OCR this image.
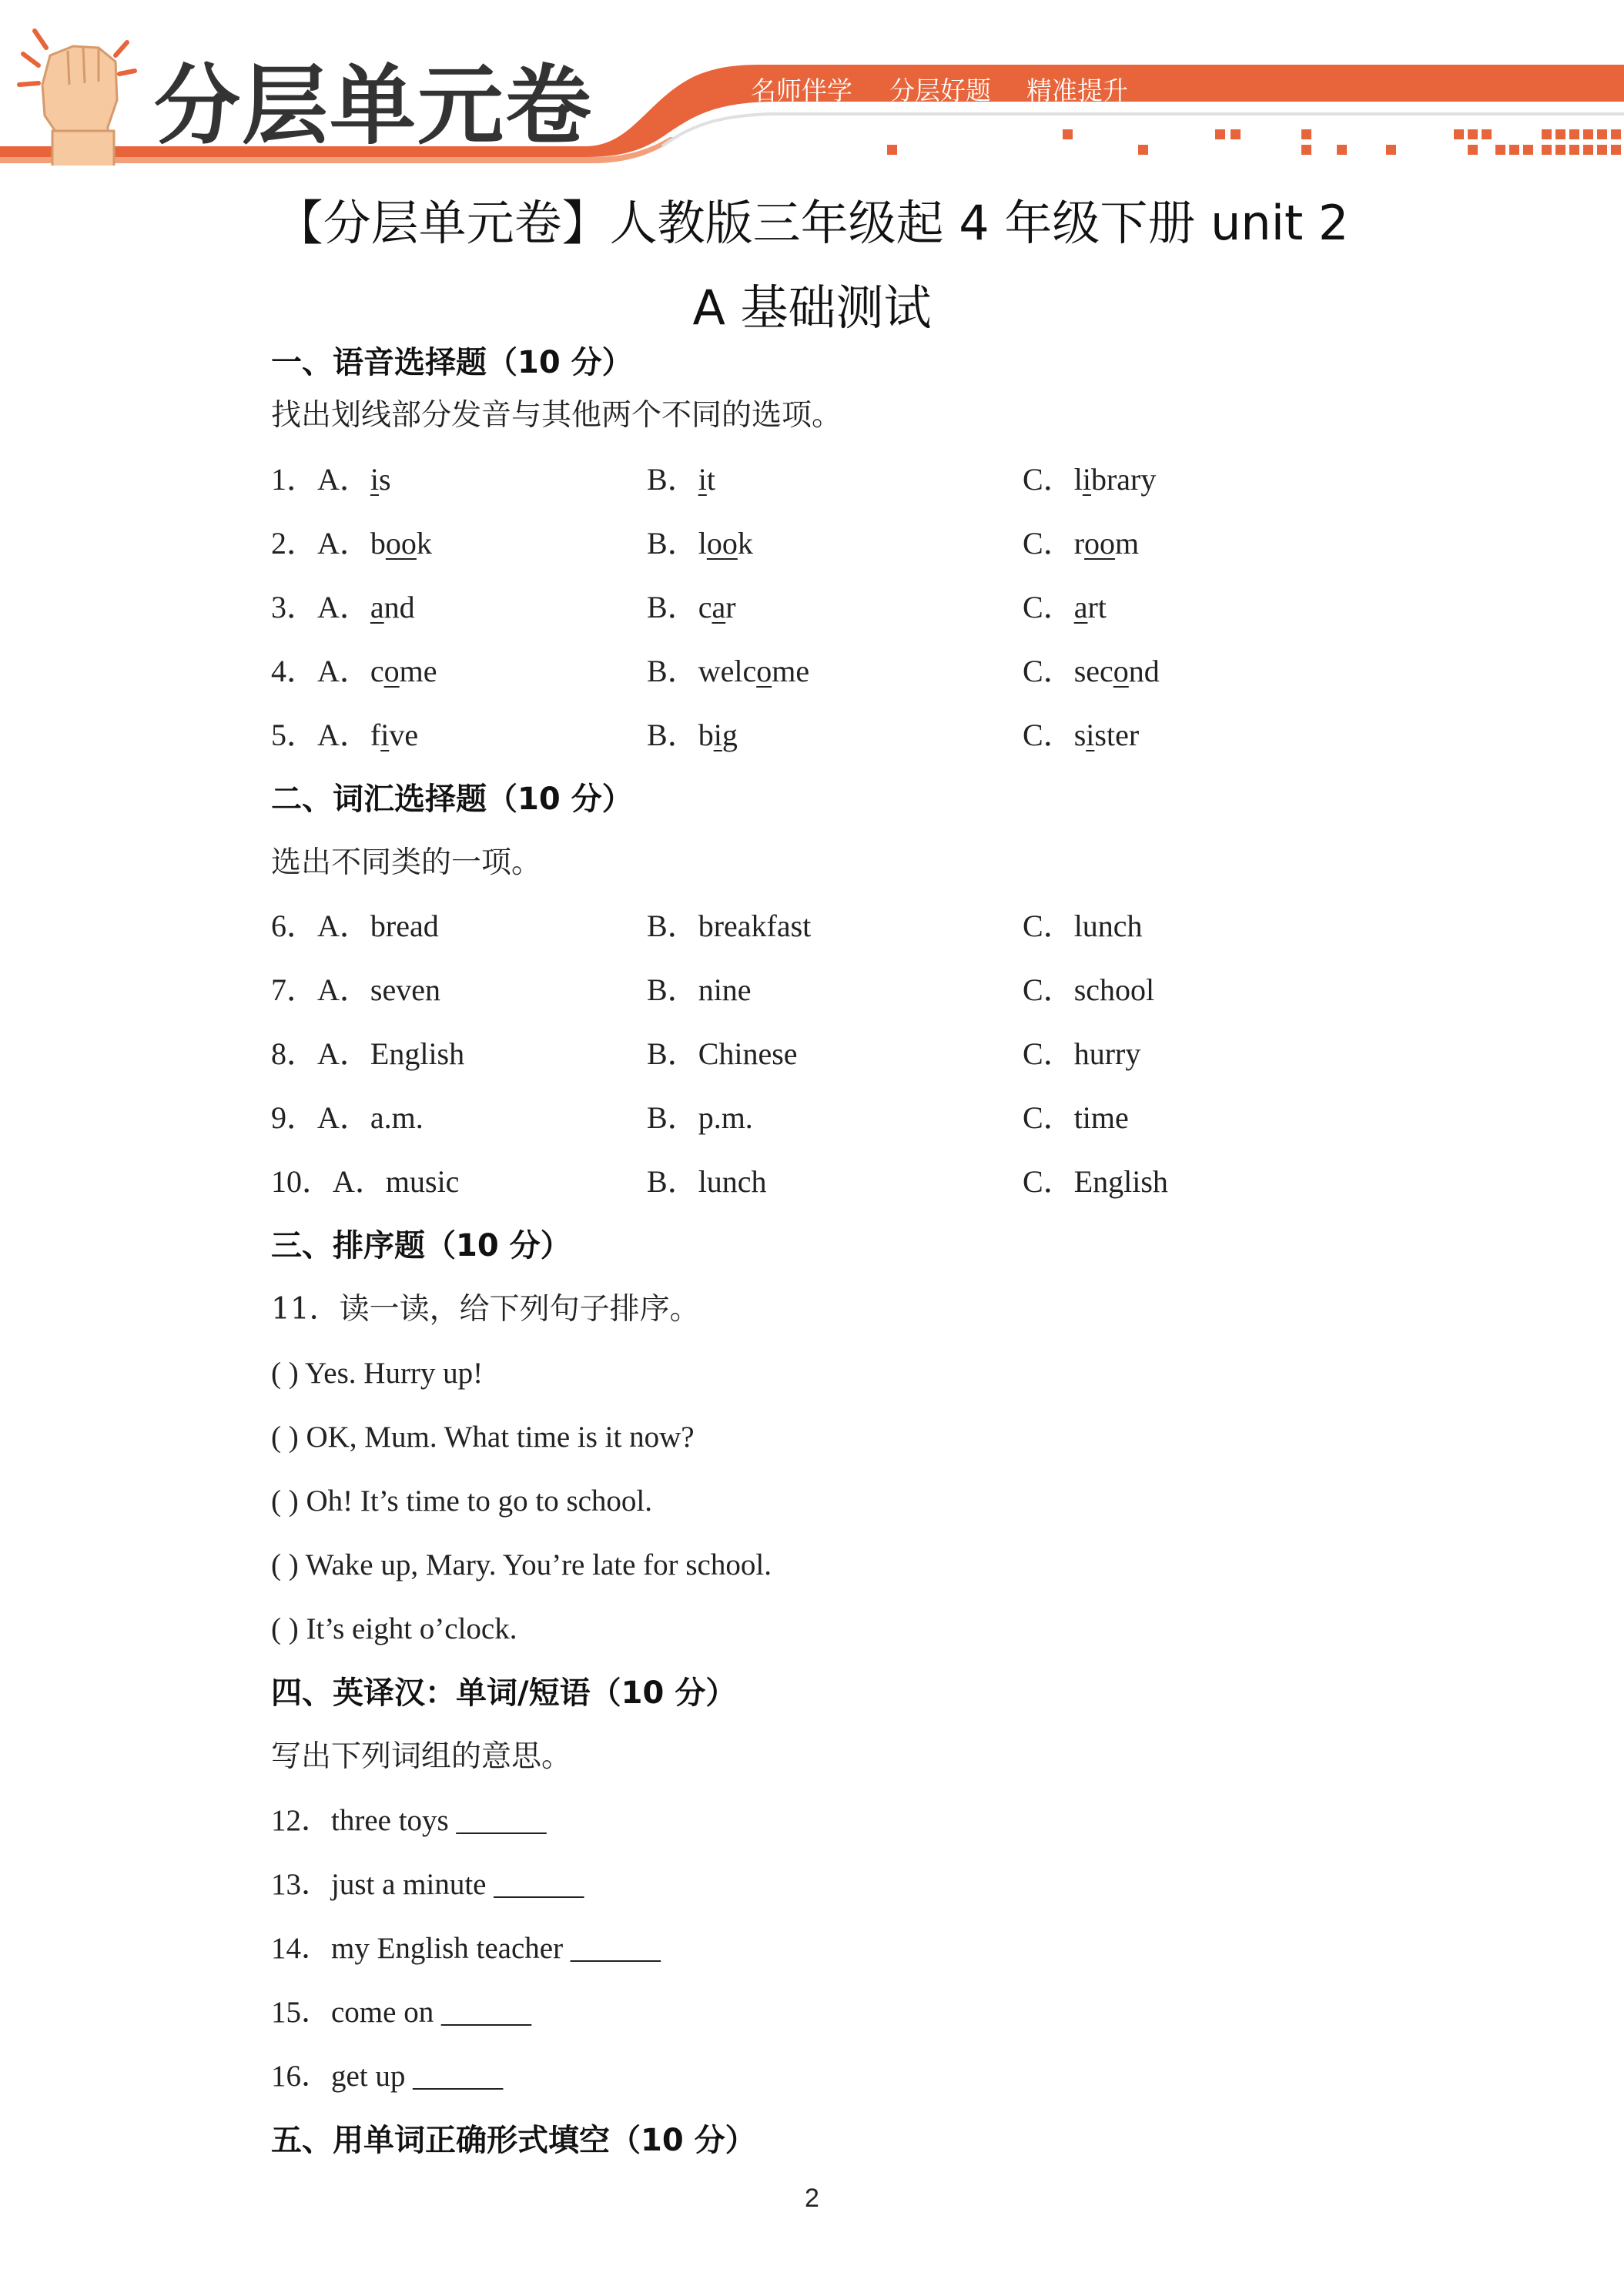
分层单元卷	名师伴学 分层好题 精准提升
【分层单元卷】人教版三年级起 4 年级下册 unit 2
A 基础测试
一、语音选择题（10 分）
找出划线部分发音与其他两个不同的选项。
1．A．is	B．it	C．library
2．A．book	B．look	C．room
3．A．and	B．car	C．art
4．A．come	B．welcome	C．second
5．A．five	B．big	C．sister
二、词汇选择题（10 分）
选出不同类的一项。
6．A．bread	B．breakfast	C．lunch
7．A．seven	B．nine	C．school
8．A．English	B．Chinese	C．hurry
9．A．a.m.	B．p.m.	C．time
10．A．music	B．lunch	C．English
三、排序题（10 分）
11．读一读，给下列句子排序。
( ) Yes. Hurry up!
( ) OK, Mum. What time is it now?
( ) Oh! It’s time to go to school.
( ) Wake up, Mary. You’re late for school.
( ) It’s eight o’clock.
四、英译汉：单词/短语（10 分）
写出下列词组的意思。
12．three toys ______
13．just a minute ______
14．my English teacher ______
15．come on ______
16．get up ______
五、用单词正确形式填空（10 分）
2
